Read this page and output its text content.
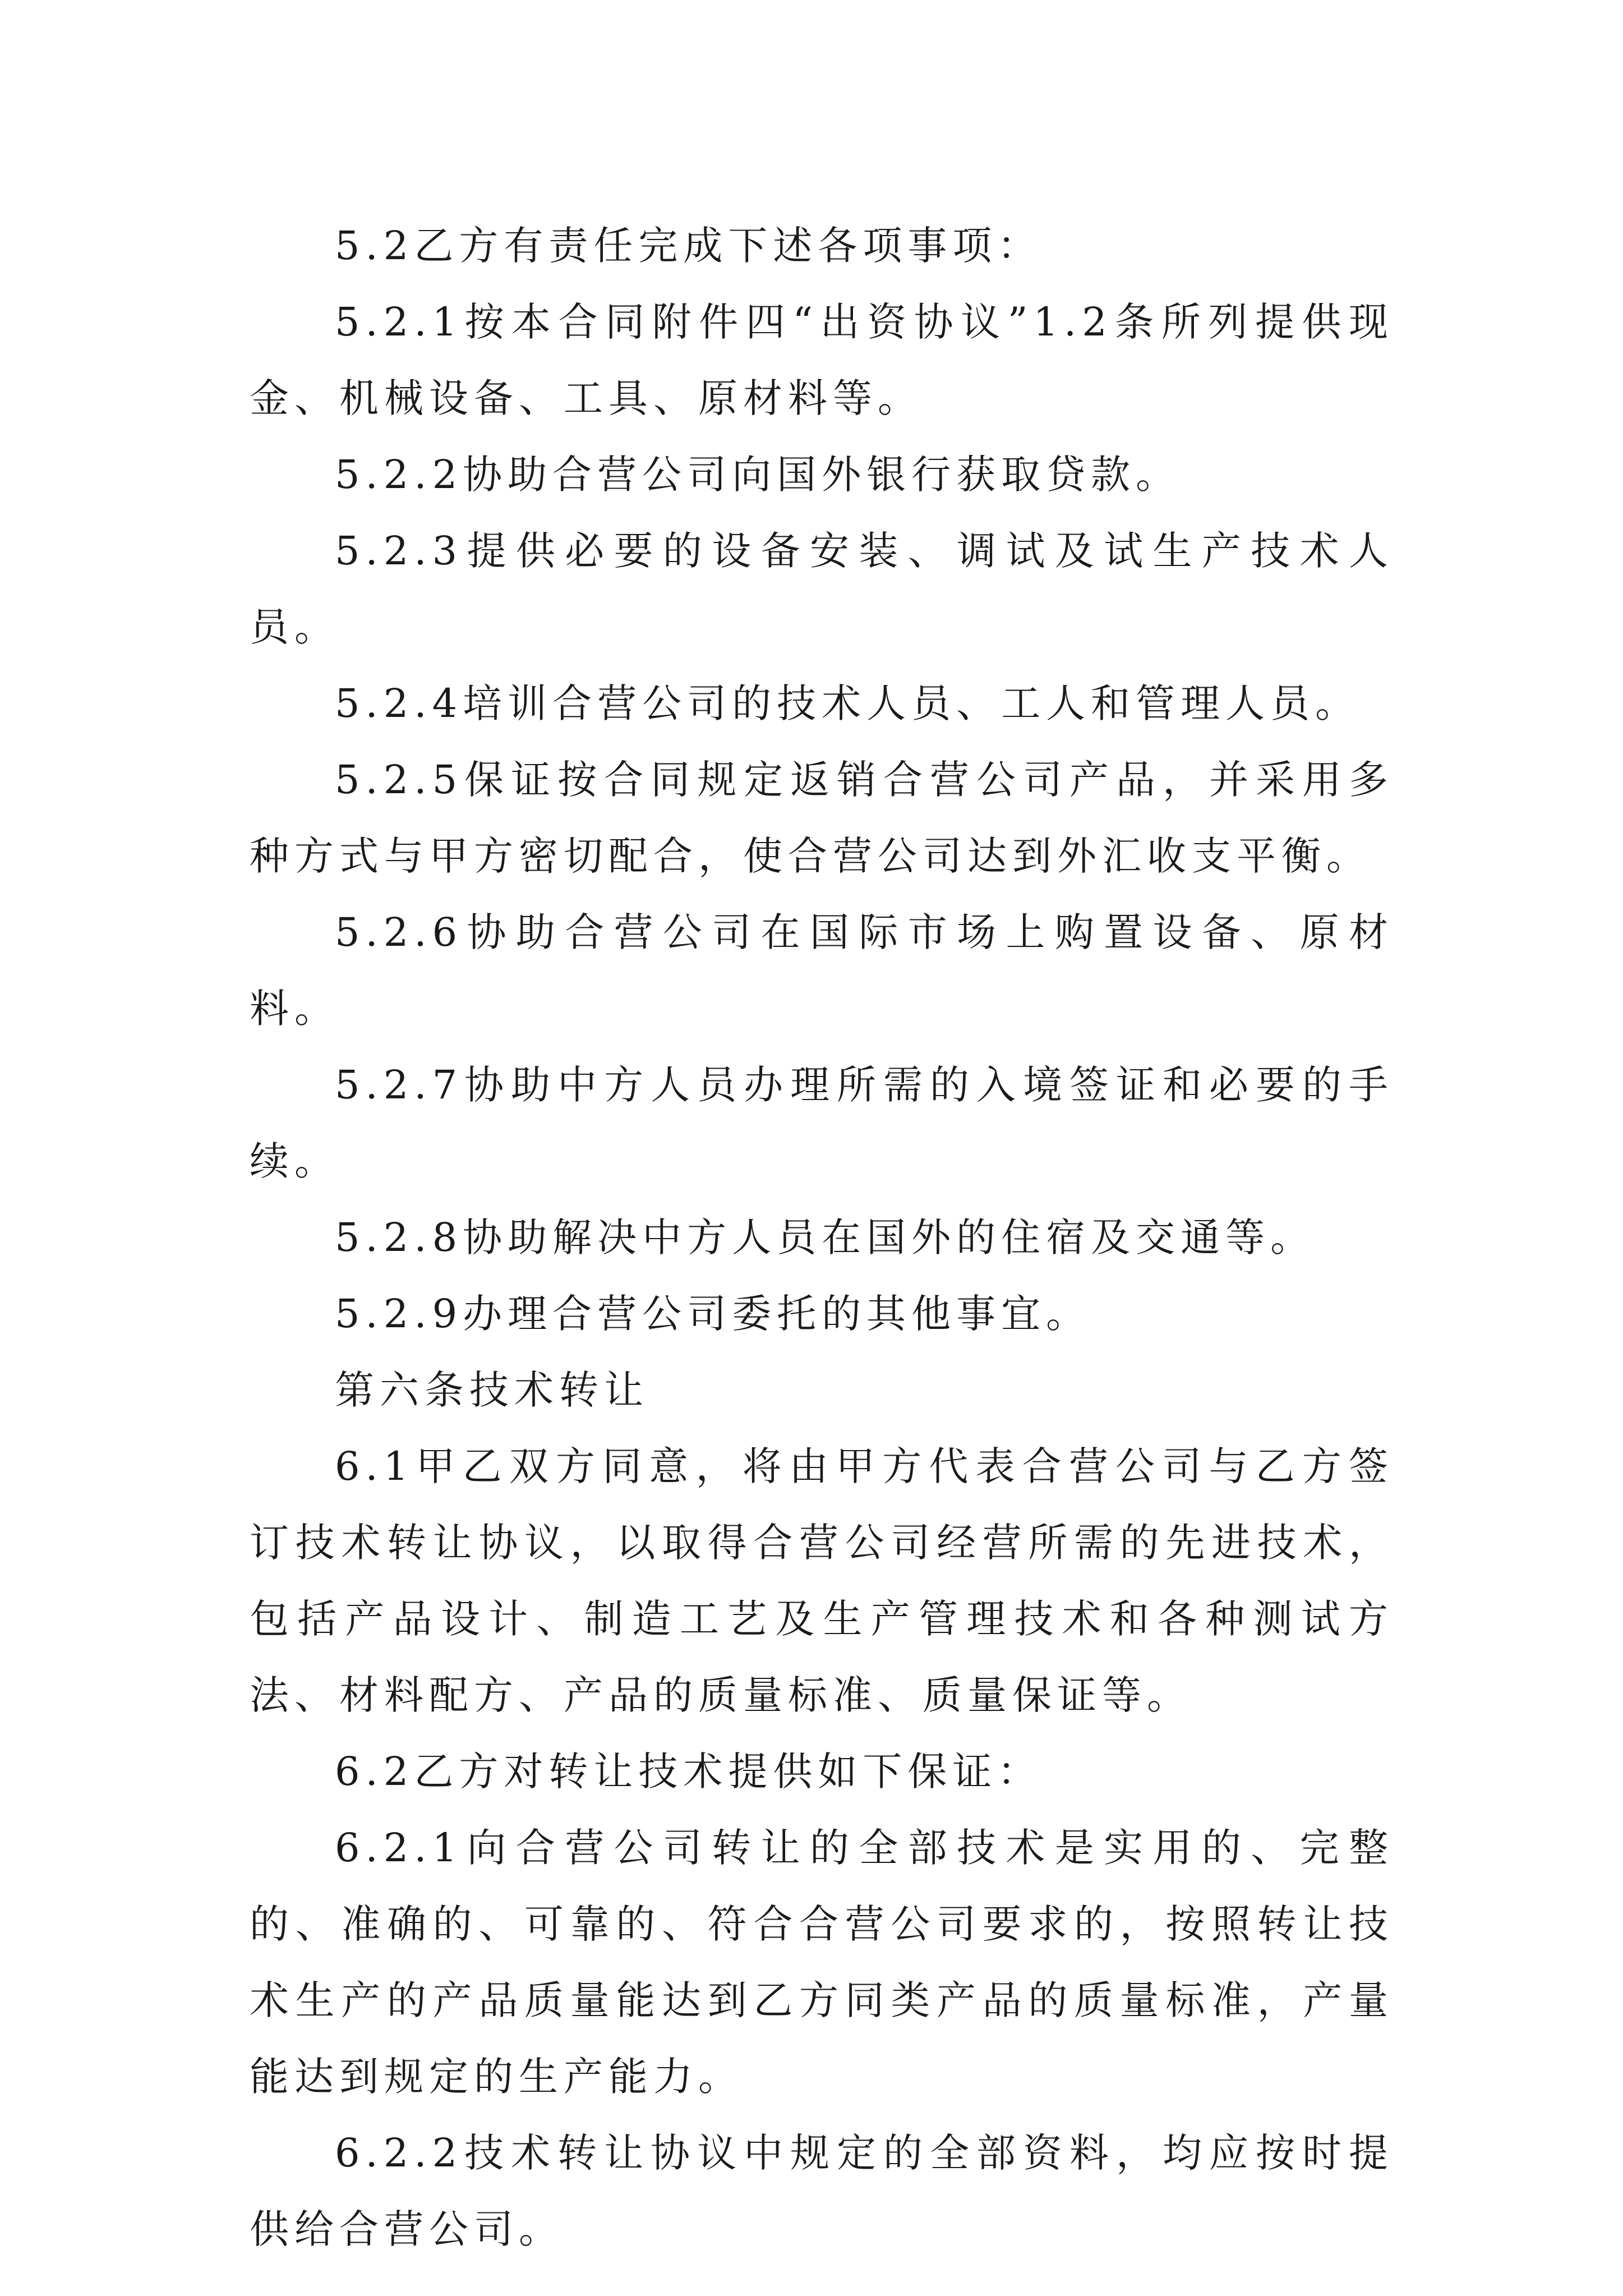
5.2乙方有责任完成下述各项事项：

5.2.1按本合同附件四“出资协议”1.2条所列提供现金、机械设备、工具、原材料等。

5.2.2协助合营公司向国外银行获取贷款。

5.2.3提供必要的设备安装、调试及试生产技术人员。

5.2.4培训合营公司的技术人员、工人和管理人员。

5.2.5保证按合同规定返销合营公司产品，并采用多种方式与甲方密切配合，使合营公司达到外汇收支平衡。

5.2.6协助合营公司在国际市场上购置设备、原材料。

5.2.7协助中方人员办理所需的入境签证和必要的手续。

5.2.8协助解决中方人员在国外的住宿及交通等。

5.2.9办理合营公司委托的其他事宜。

第六条技术转让

6.1甲乙双方同意，将由甲方代表合营公司与乙方签订技术转让协议，以取得合营公司经营所需的先进技术，包括产品设计、制造工艺及生产管理技术和各种测试方法、材料配方、产品的质量标准、质量保证等。

6.2乙方对转让技术提供如下保证：

6.2.1向合营公司转让的全部技术是实用的、完整的、准确的、可靠的、符合合营公司要求的，按照转让技术生产的产品质量能达到乙方同类产品的质量标准，产量能达到规定的生产能力。

6.2.2技术转让协议中规定的全部资料，均应按时提供给合营公司。
